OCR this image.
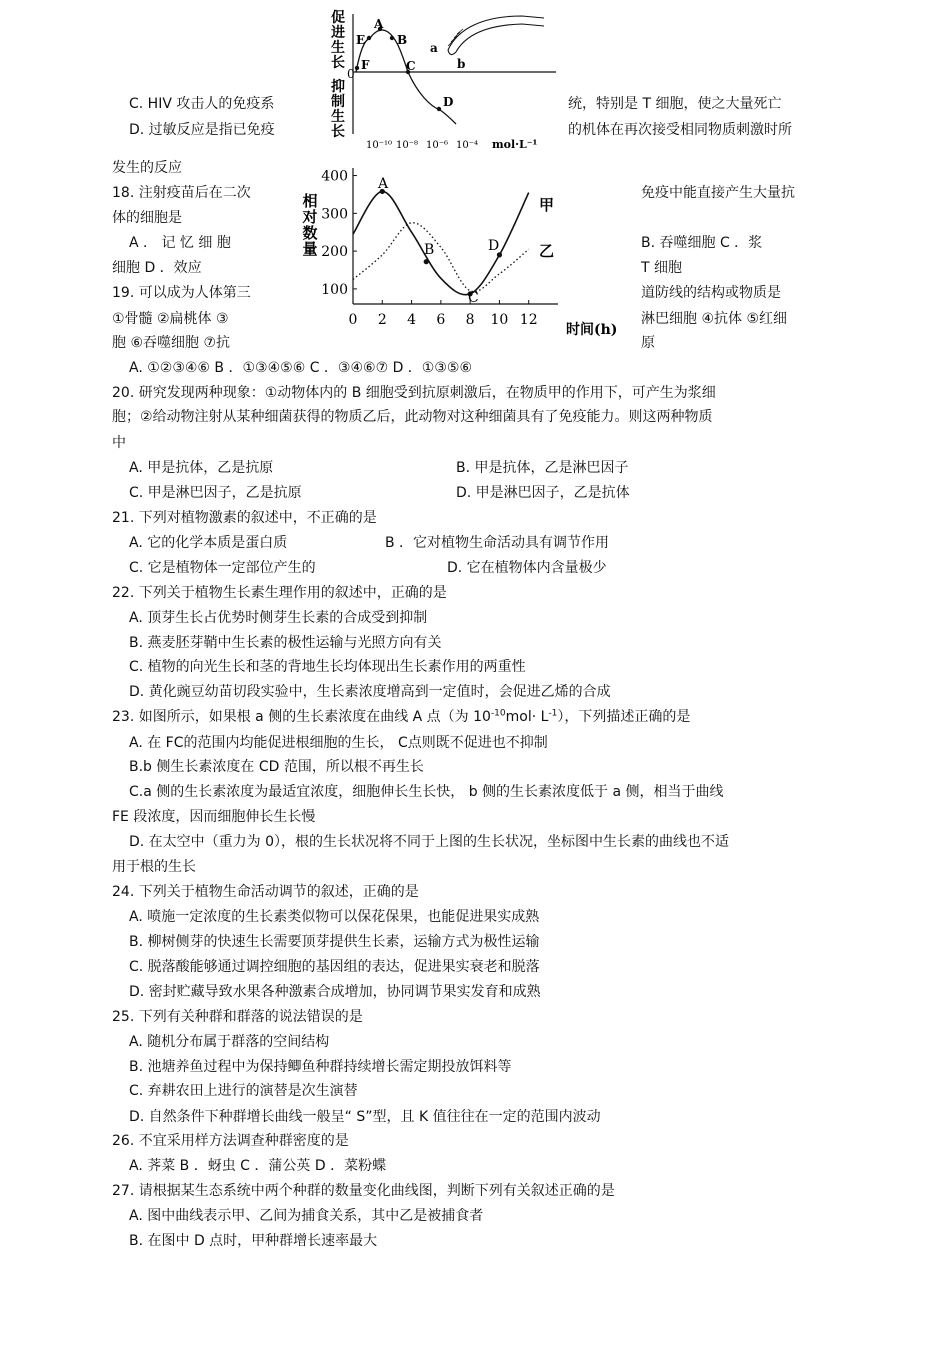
促进生长
抑制生长
0
A
B
C
D
E
F
a
b
10⁻¹⁰ 10⁻⁸ 10⁻⁶ 10⁻⁴ mol·L⁻¹
相对数量
100
200
300
400
0 2 4 6 8 10 12
时间(h)
A
B
C
D
甲
乙
C. HIV 攻击人的免疫系	统，特别是 T 细胞，使之大量死亡
D. 过敏反应是指已免疫	的机体在再次接受相同物质刺激时所
发生的反应
18. 注射疫苗后在二次	免疫中能直接产生大量抗
体的细胞是
A ． 记 忆 细 胞	B. 吞噬细胞 C ．浆
细胞 D ．效应	T 细胞
19. 可以成为人体第三	道防线的结构或物质是
①骨髓 ②扁桃体 ③	淋巴细胞 ④抗体 ⑤红细
胞 ⑥吞噬细胞 ⑦抗	原
A. ①②③④⑥ B ．①③④⑤⑥ C ．③④⑥⑦ D ．①③⑤⑥
20. 研究发现两种现象：①动物体内的 B 细胞受到抗原刺激后，在物质甲的作用下，可产生为浆细
胞；②给动物注射从某种细菌获得的物质乙后，此动物对这种细菌具有了免疫能力。则这两种物质
中
A. 甲是抗体，乙是抗原	B. 甲是抗体，乙是淋巴因子
C. 甲是淋巴因子，乙是抗原	D. 甲是淋巴因子，乙是抗体
21. 下列对植物激素的叙述中，不正确的是
A. 它的化学本质是蛋白质	B ．它对植物生命活动具有调节作用
C. 它是植物体一定部位产生的	D. 它在植物体内含量极少
22. 下列关于植物生长素生理作用的叙述中，正确的是
A. 顶芽生长占优势时侧芽生长素的合成受到抑制
B. 燕麦胚芽鞘中生长素的极性运输与光照方向有关
C. 植物的向光生长和茎的背地生长均体现出生长素作用的两重性
D. 黄化豌豆幼苗切段实验中，生长素浓度增高到一定值时，会促进乙烯的合成
23. 如图所示，如果根 a 侧的生长素浓度在曲线 A 点（为 $10^{-10}mol\cdot L^{-1}$），下列描述正确的是
A. 在 FC的范围内均能促进根细胞的生长， C点则既不促进也不抑制
B.b 侧生长素浓度在 CD 范围，所以根不再生长
C.a 侧的生长素浓度为最适宜浓度，细胞伸长生长快， b 侧的生长素浓度低于 a 侧，相当于曲线
FE 段浓度，因而细胞伸长生长慢
D. 在太空中（重力为 0），根的生长状况将不同于上图的生长状况，坐标图中生长素的曲线也不适
用于根的生长
24. 下列关于植物生命活动调节的叙述，正确的是
A. 喷施一定浓度的生长素类似物可以保花保果，也能促进果实成熟
B. 柳树侧芽的快速生长需要顶芽提供生长素，运输方式为极性运输
C. 脱落酸能够通过调控细胞的基因组的表达，促进果实衰老和脱落
D. 密封贮藏导致水果各种激素合成增加，协同调节果实发育和成熟
25. 下列有关种群和群落的说法错误的是
A. 随机分布属于群落的空间结构
B. 池塘养鱼过程中为保持鲫鱼种群持续增长需定期投放饵料等
C. 弃耕农田上进行的演替是次生演替
D. 自然条件下种群增长曲线一般呈“ S”型，且 K 值往往在一定的范围内波动
26. 不宜采用样方法调查种群密度的是
A. 荠菜 B ．蚜虫 C ．蒲公英 D ．菜粉蝶
27. 请根据某生态系统中两个种群的数量变化曲线图，判断下列有关叙述正确的是
A. 图中曲线表示甲、乙间为捕食关系，其中乙是被捕食者
B. 在图中 D 点时，甲种群增长速率最大
